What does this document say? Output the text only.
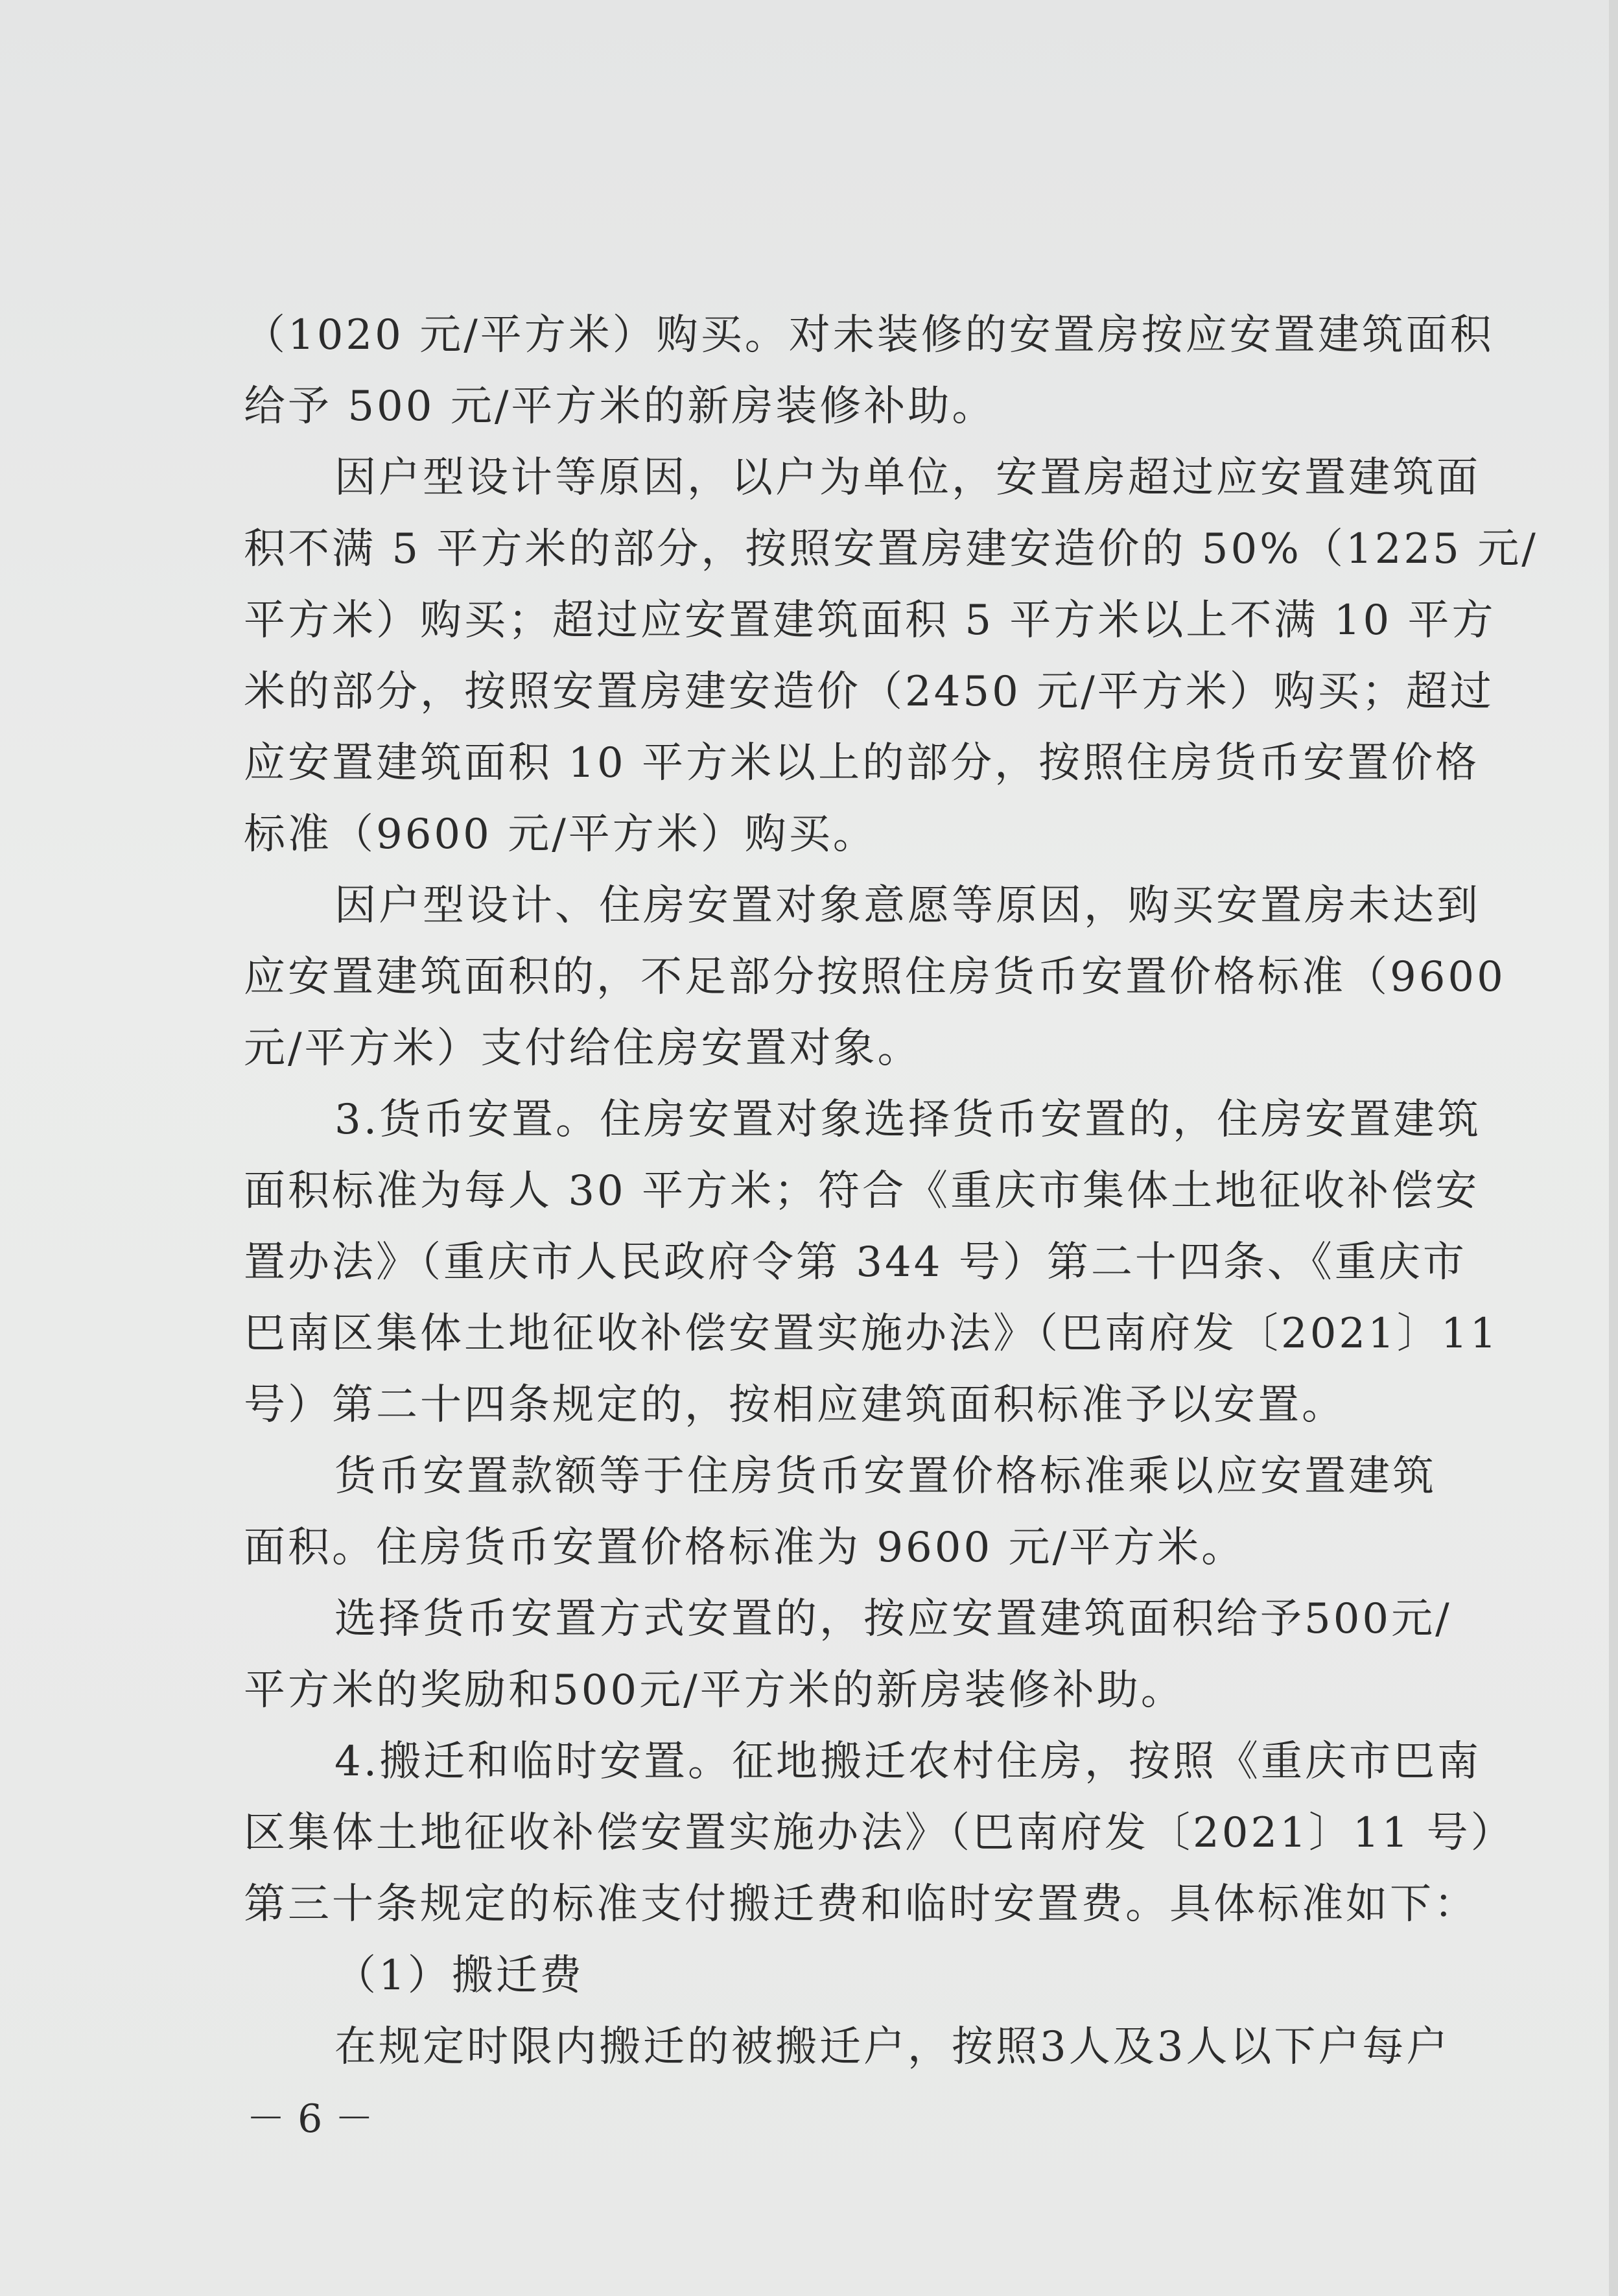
（1020 元/平方米）购买。对未装修的安置房按应安置建筑面积
给予 500 元/平方米的新房装修补助。
因户型设计等原因，以户为单位，安置房超过应安置建筑面
积不满 5 平方米的部分，按照安置房建安造价的 50%（1225 元/
平方米）购买；超过应安置建筑面积 5 平方米以上不满 10 平方
米的部分，按照安置房建安造价（2450 元/平方米）购买；超过
应安置建筑面积 10 平方米以上的部分，按照住房货币安置价格
标准（9600 元/平方米）购买。
因户型设计、住房安置对象意愿等原因，购买安置房未达到
应安置建筑面积的，不足部分按照住房货币安置价格标准（9600
元/平方米）支付给住房安置对象。
3.货币安置。住房安置对象选择货币安置的，住房安置建筑
面积标准为每人 30 平方米；符合《重庆市集体土地征收补偿安
置办法》（重庆市人民政府令第 344 号）第二十四条、《重庆市
巴南区集体土地征收补偿安置实施办法》（巴南府发〔2021〕11
号）第二十四条规定的，按相应建筑面积标准予以安置。
货币安置款额等于住房货币安置价格标准乘以应安置建筑
面积。住房货币安置价格标准为 9600 元/平方米。
选择货币安置方式安置的，按应安置建筑面积给予500元/
平方米的奖励和500元/平方米的新房装修补助。
4.搬迁和临时安置。征地搬迁农村住房，按照《重庆市巴南
区集体土地征收补偿安置实施办法》（巴南府发〔2021〕11 号）
第三十条规定的标准支付搬迁费和临时安置费。具体标准如下：
（1）搬迁费
在规定时限内搬迁的被搬迁户，按照3人及3人以下户每户
－ 6 －
